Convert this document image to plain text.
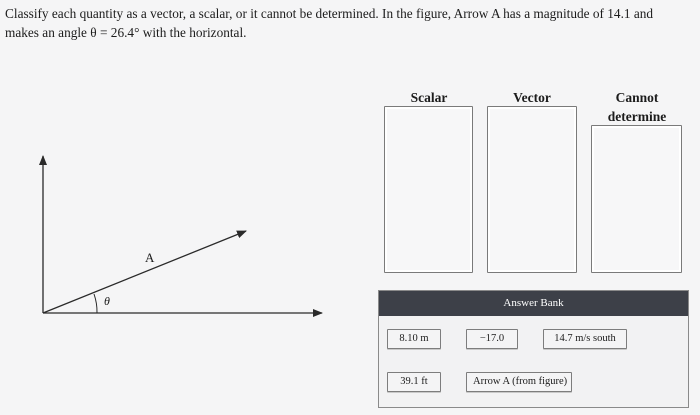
Classify each quantity as a vector, a scalar, or it cannot be determined. In the figure, Arrow A has a magnitude of 14.1 and makes an angle θ = 26.4° with the horizontal.

A
θ
Scalar	Vector	Cannot
determine
Answer Bank
8.10 m	−17.0	14.7 m/s south
39.1 ft	Arrow A (from figure)
